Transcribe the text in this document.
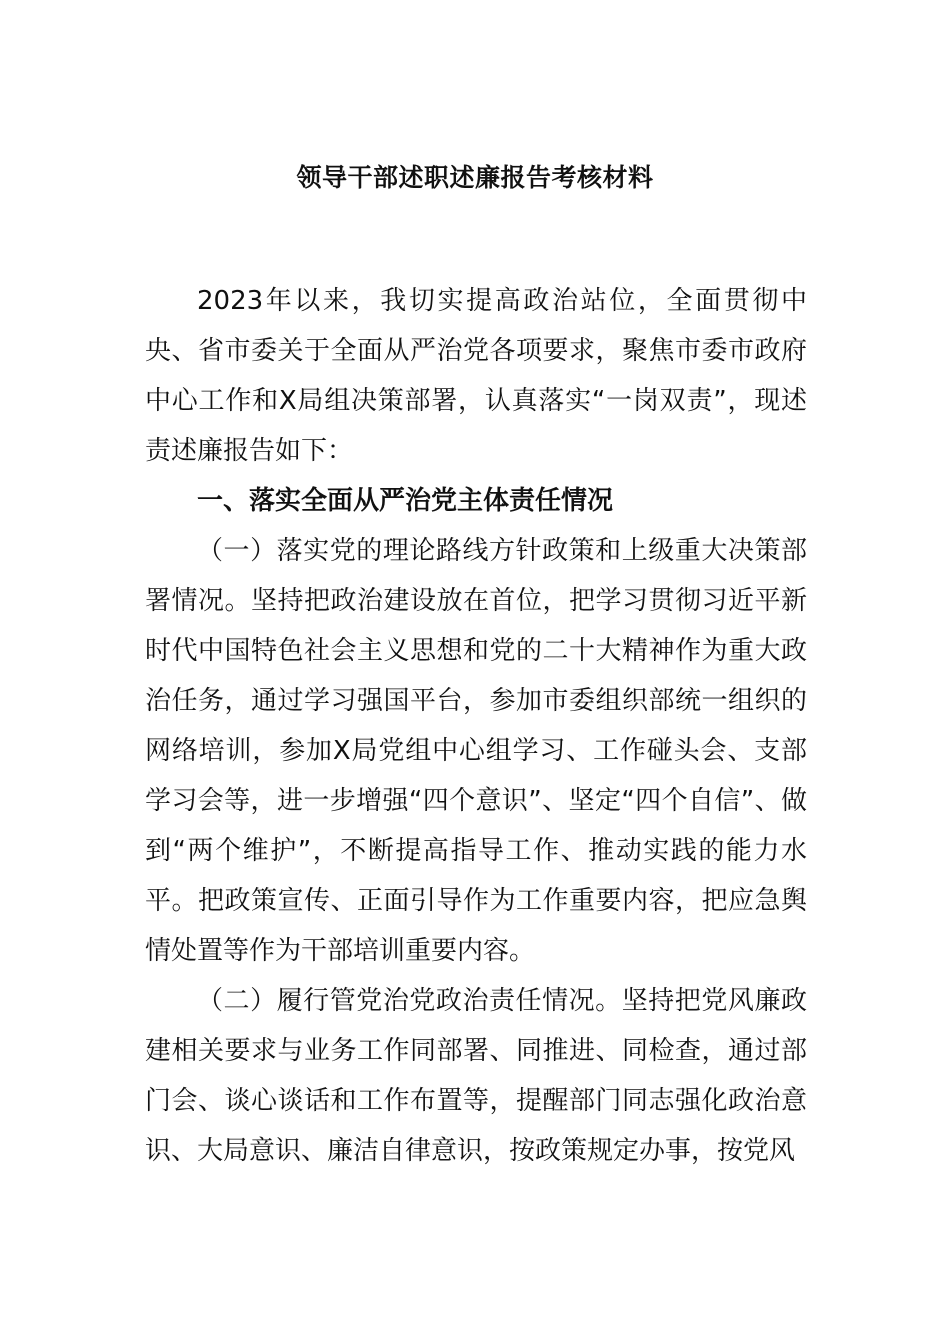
领导干部述职述廉报告考核材料

2023年以来，我切实提高政治站位，全面贯彻中央、省市委关于全面从严治党各项要求，聚焦市委市政府中心工作和X局组决策部署，认真落实“一岗双责”，现述责述廉报告如下：

一、落实全面从严治党主体责任情况

（一）落实党的理论路线方针政策和上级重大决策部署情况。坚持把政治建设放在首位，把学习贯彻习近平新时代中国特色社会主义思想和党的二十大精神作为重大政治任务，通过学习强国平台，参加市委组织部统一组织的网络培训，参加X局党组中心组学习、工作碰头会、支部学习会等，进一步增强“四个意识”、坚定“四个自信”、做到“两个维护”，不断提高指导工作、推动实践的能力水平。把政策宣传、正面引导作为工作重要内容，把应急舆情处置等作为干部培训重要内容。

（二）履行管党治党政治责任情况。坚持把党风廉政建相关要求与业务工作同部署、同推进、同检查，通过部门会、谈心谈话和工作布置等，提醒部门同志强化政治意识、大局意识、廉洁自律意识，按政策规定办事，按党风
